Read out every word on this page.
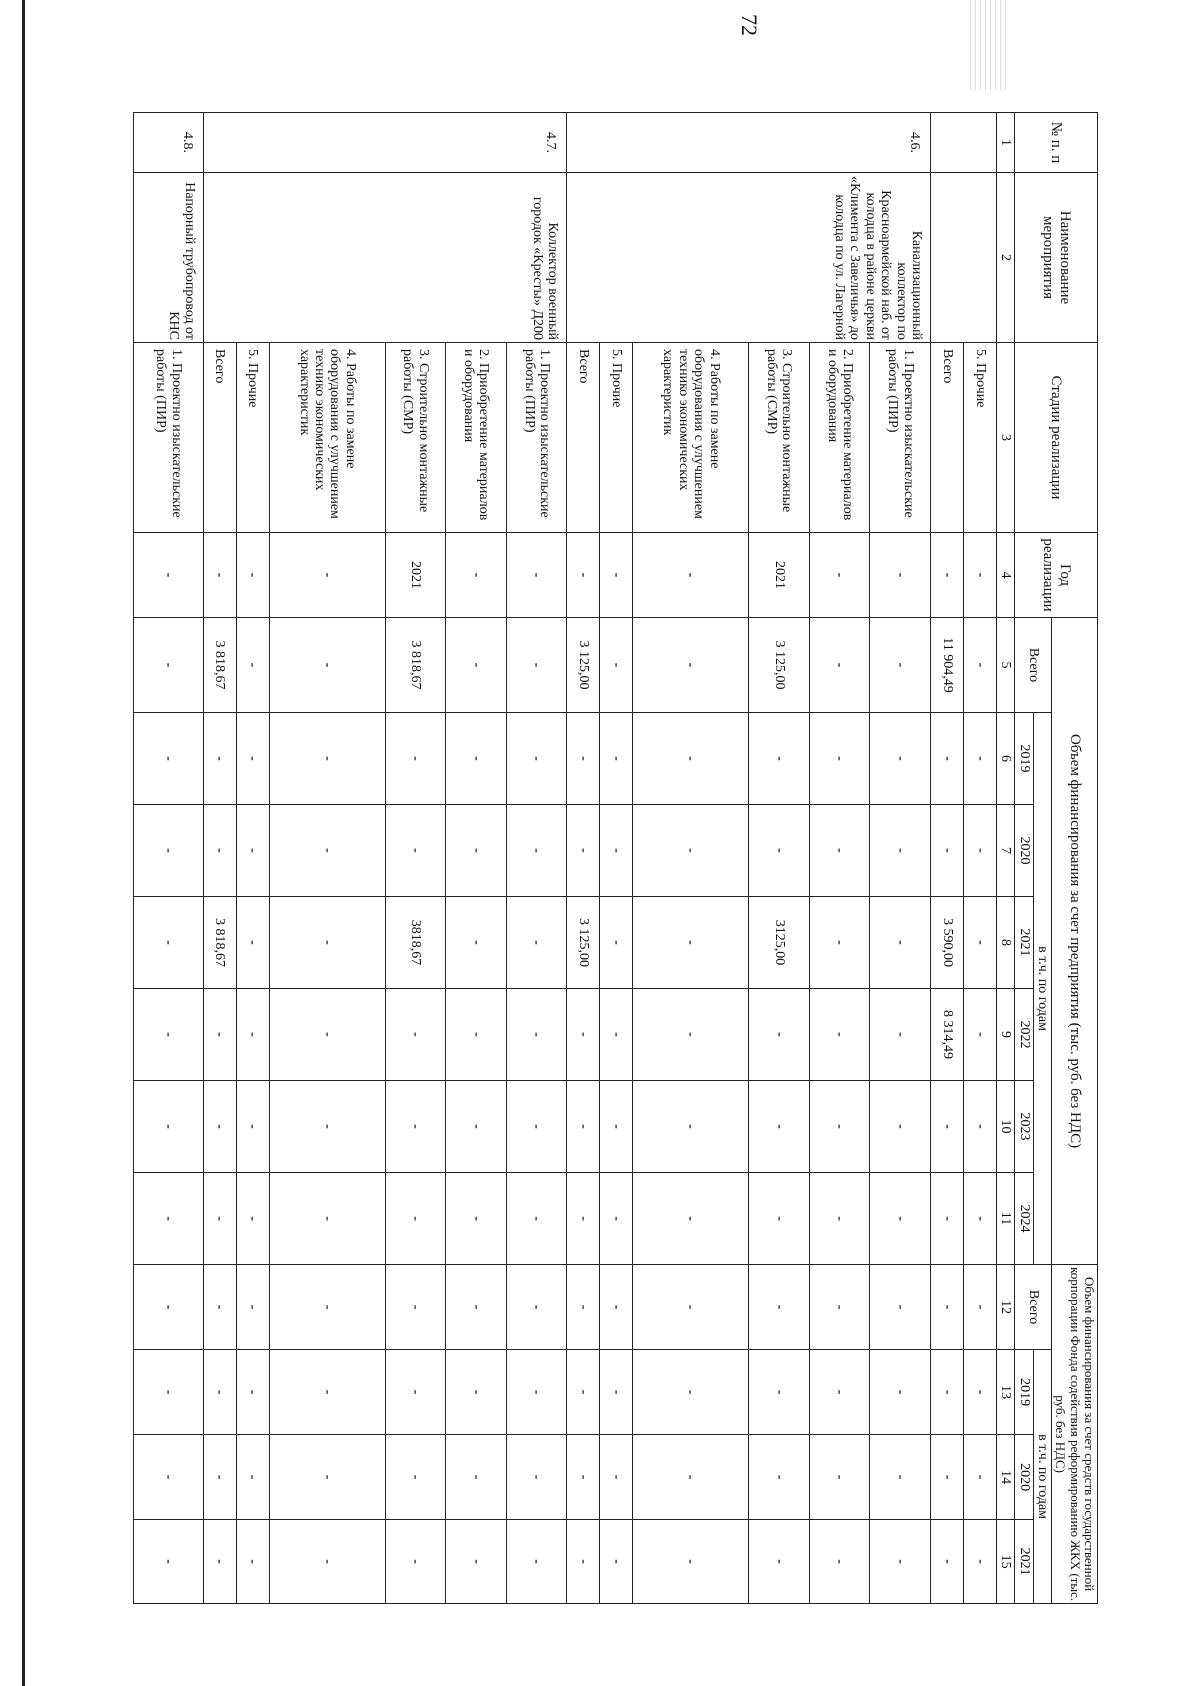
72
№ п. п	Наименование мероприятия	Стадии реализации	Год реализации	Объем финансирования за счет предприятия (тыс. руб. без НДС)							Объем финансирования за счет средств государственной корпорации Фонда содействия реформированию ЖКХ (тыс. руб. без НДС)			
				Всего	в т.ч. по годам						Всего	в т.ч. по годам		
					2019	2020	2021	2022	2023	2024		2019	2020	2021
1	2	3	4	5	6	7	8	9	10	11	12	13	14	15
		5. Прочие	-	-	-	-	-	-	-	-	-	-	-	-
		Всего	-	11 904,49	-	-	3 590,00	8 314,49	-	-	-	-	-	-
4.6.	Канализационный коллектор по Красноармейской наб. от колодца в районе церкви «Климента с Завеличья» до колодца по ул. Лагерной	1. Проектно изыскательские работы (ПИР)	-	-	-	-	-	-	-	-	-	-	-	-
		2. Приобретение материалов и оборудования	-	-	-	-	-	-	-	-	-	-	-	-
		3. Строительно монтажные работы (СМР)	2021	3 125,00	-	-	3125,00	-	-	-	-	-	-	-
		4. Работы по замене оборудования с улучшением технико экономических характеристик	-	-	-	-	-	-	-	-	-	-	-	-
		5. Прочие	-	-	-	-	-	-	-	-	-	-	-	-
		Всего	-	3 125,00	-	-	3 125,00	-	-	-	-	-	-	-
4.7.	Коллектор военный городок «Кресты» Д200	1. Проектно изыскательские работы (ПИР)	-	-	-	-	-	-	-	-	-	-	-	-
		2. Приобретение материалов и оборудования	-	-	-	-	-	-	-	-	-	-	-	-
		3. Строительно монтажные работы (СМР)	2021	3 818,67	-	-	3818,67	-	-	-	-	-	-	-
		4. Работы по замене оборудования с улучшением технико экономических характеристик	-	-	-	-	-	-	-	-	-	-	-	-
		5. Прочие	-	-	-	-	-	-	-	-	-	-	-	-
		Всего	-	3 818,67	-	-	3 818,67	-	-	-	-	-	-	-
4.8.	Напорный трубопровод от КНС	1. Проектно изыскательские работы (ПИР)	-	-	-	-	-	-	-	-	-	-	-	-
